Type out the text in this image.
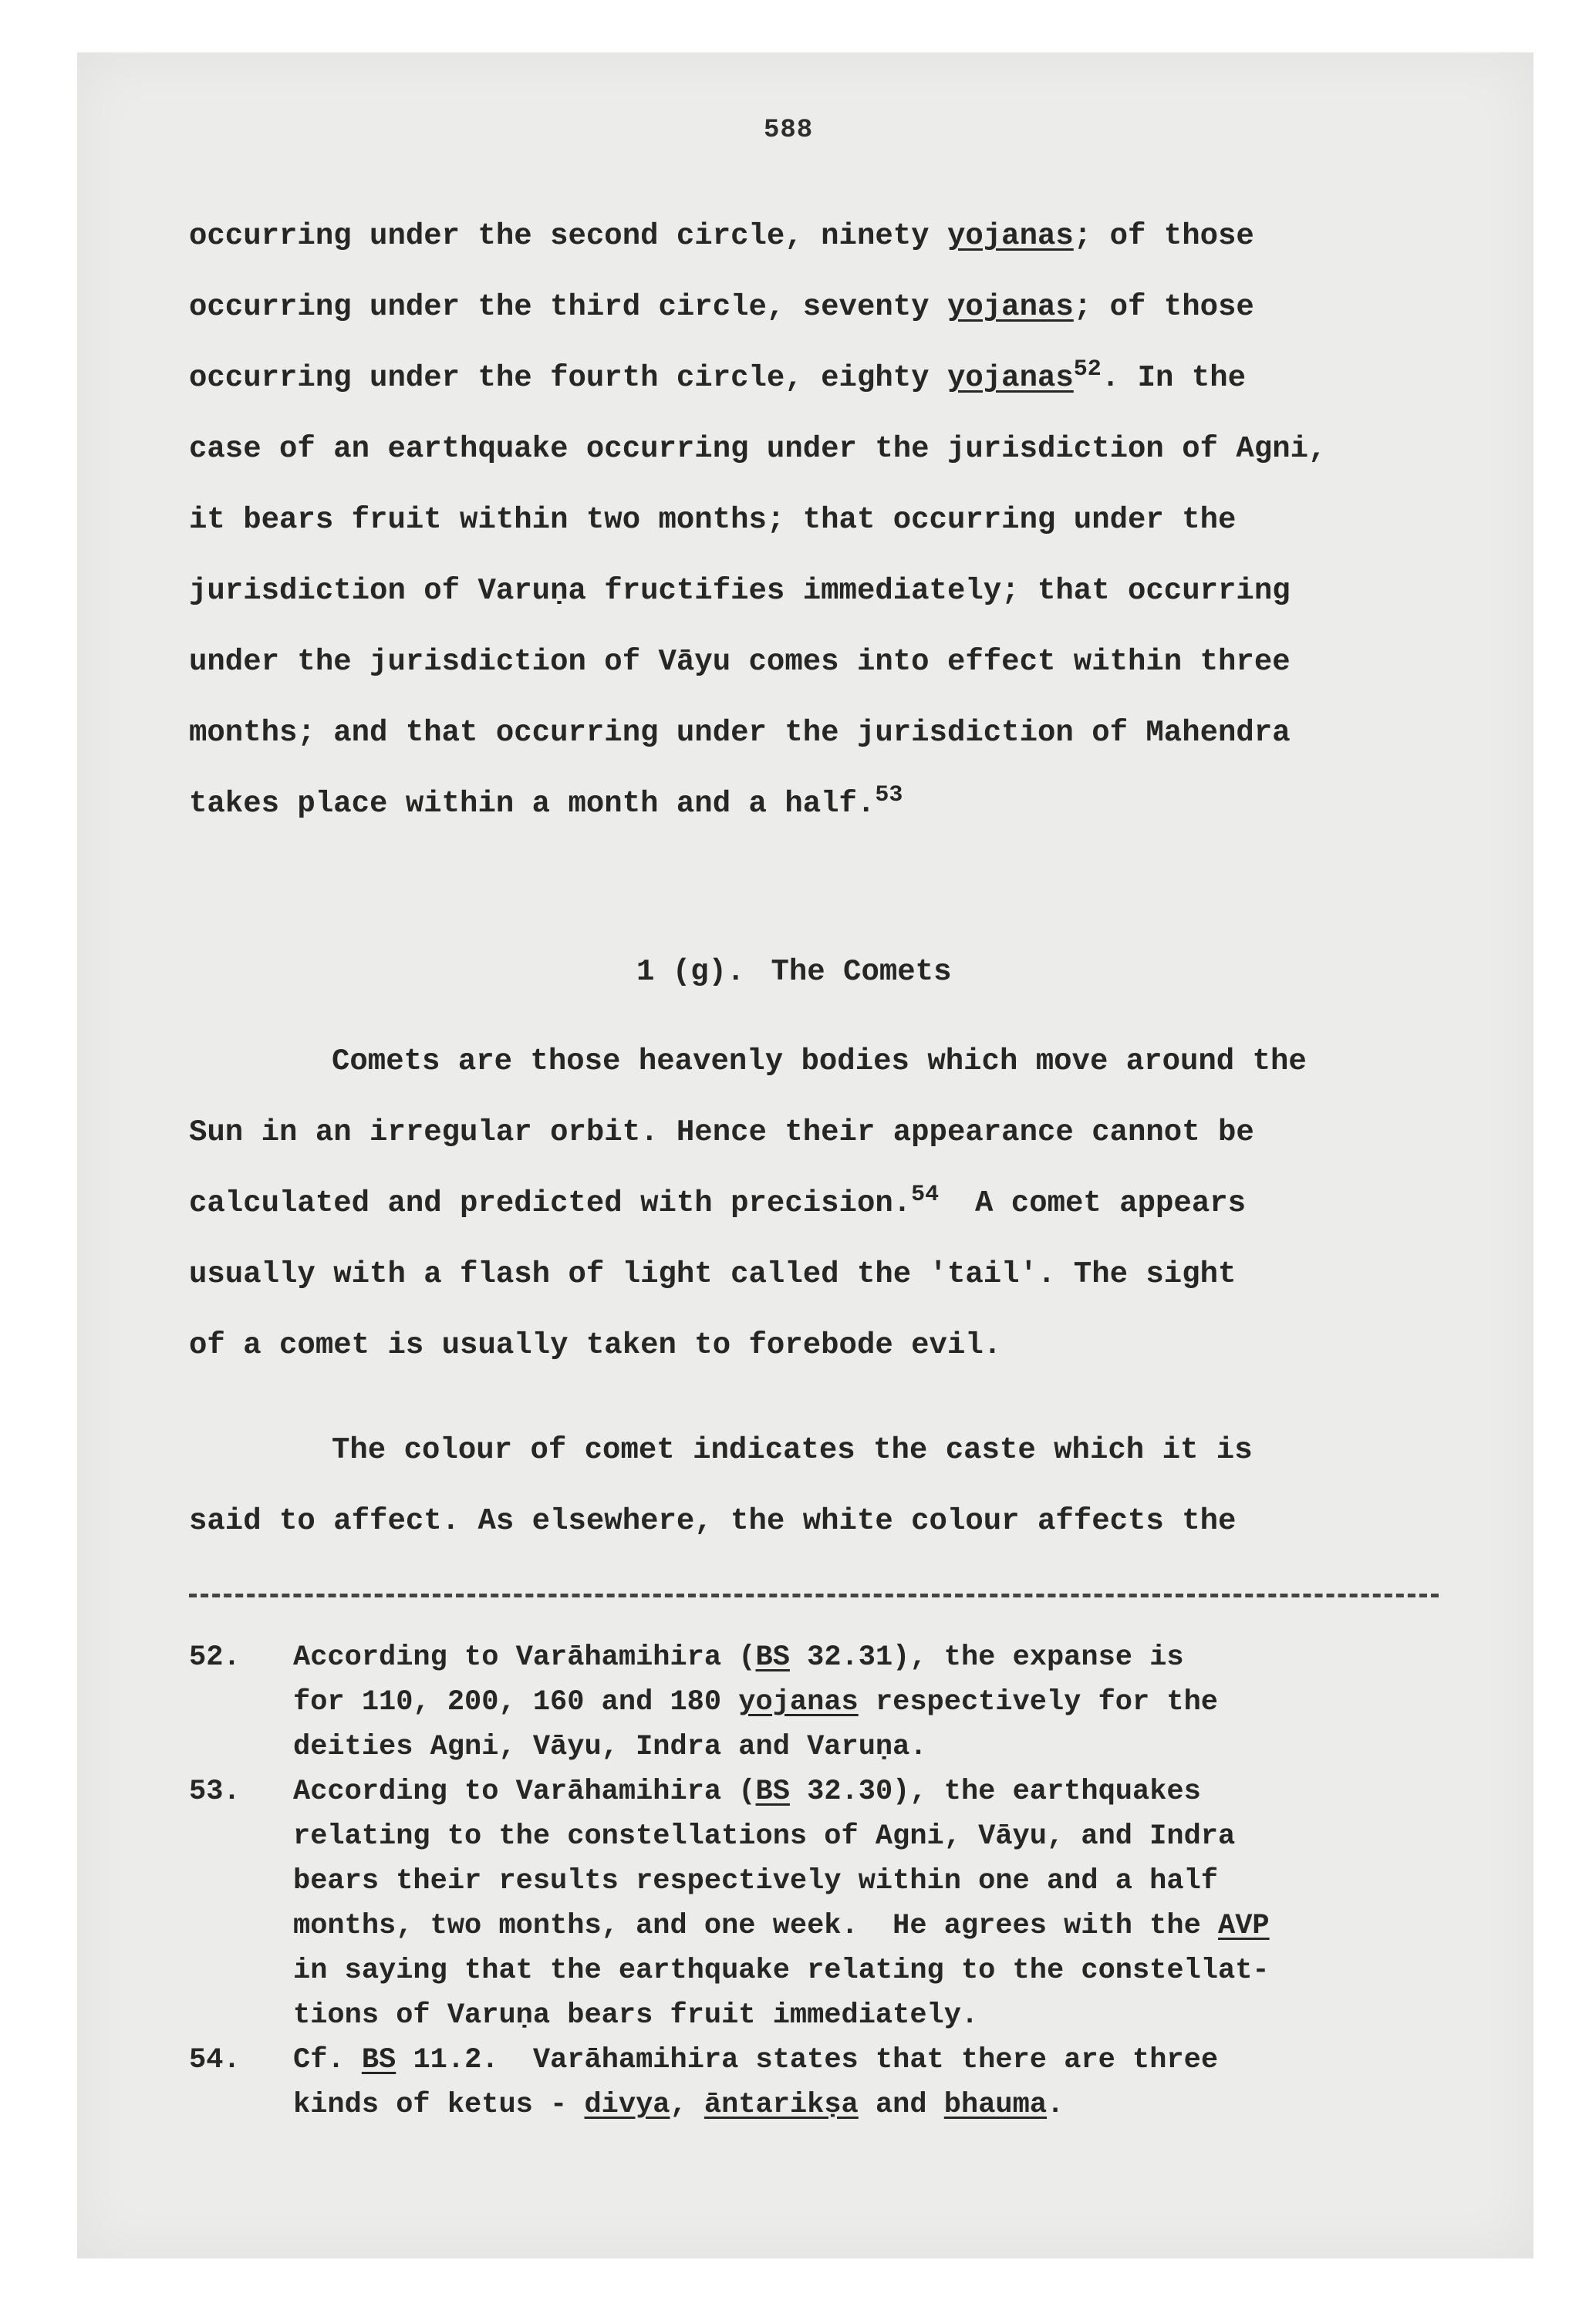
588
occurring under the second circle, ninety yojanas; of those
occurring under the third circle, seventy yojanas; of those
occurring under the fourth circle, eighty yojanas$^{52}$. In the
case of an earthquake occurring under the jurisdiction of Agni,
it bears fruit within two months; that occurring under the
jurisdiction of Varuṇa fructifies immediately; that occurring
under the jurisdiction of Vāyu comes into effect within three
months; and that occurring under the jurisdiction of Mahendra
takes place within a month and a half.$^{53}$
1 (g). The Comets
Comets are those heavenly bodies which move around the
Sun in an irregular orbit. Hence their appearance cannot be
calculated and predicted with precision.$^{54}$  A comet appears
usually with a flash of light called the 'tail'. The sight
of a comet is usually taken to forebode evil.
The colour of comet indicates the caste which it is
said to affect. As elsewhere, the white colour affects the
52.	According to Varāhamihira (BS 32.31), the expanse is
for 110, 200, 160 and 180 yojanas respectively for the
deities Agni, Vāyu, Indra and Varuṇa.
53.	According to Varāhamihira (BS 32.30), the earthquakes
relating to the constellations of Agni, Vāyu, and Indra
bears their results respectively within one and a half
months, two months, and one week.  He agrees with the AVP
in saying that the earthquake relating to the constellat-
tions of Varuṇa bears fruit immediately.
54.	Cf. BS 11.2.  Varāhamihira states that there are three
kinds of ketus - divya, āntarikṣa and bhauma.
